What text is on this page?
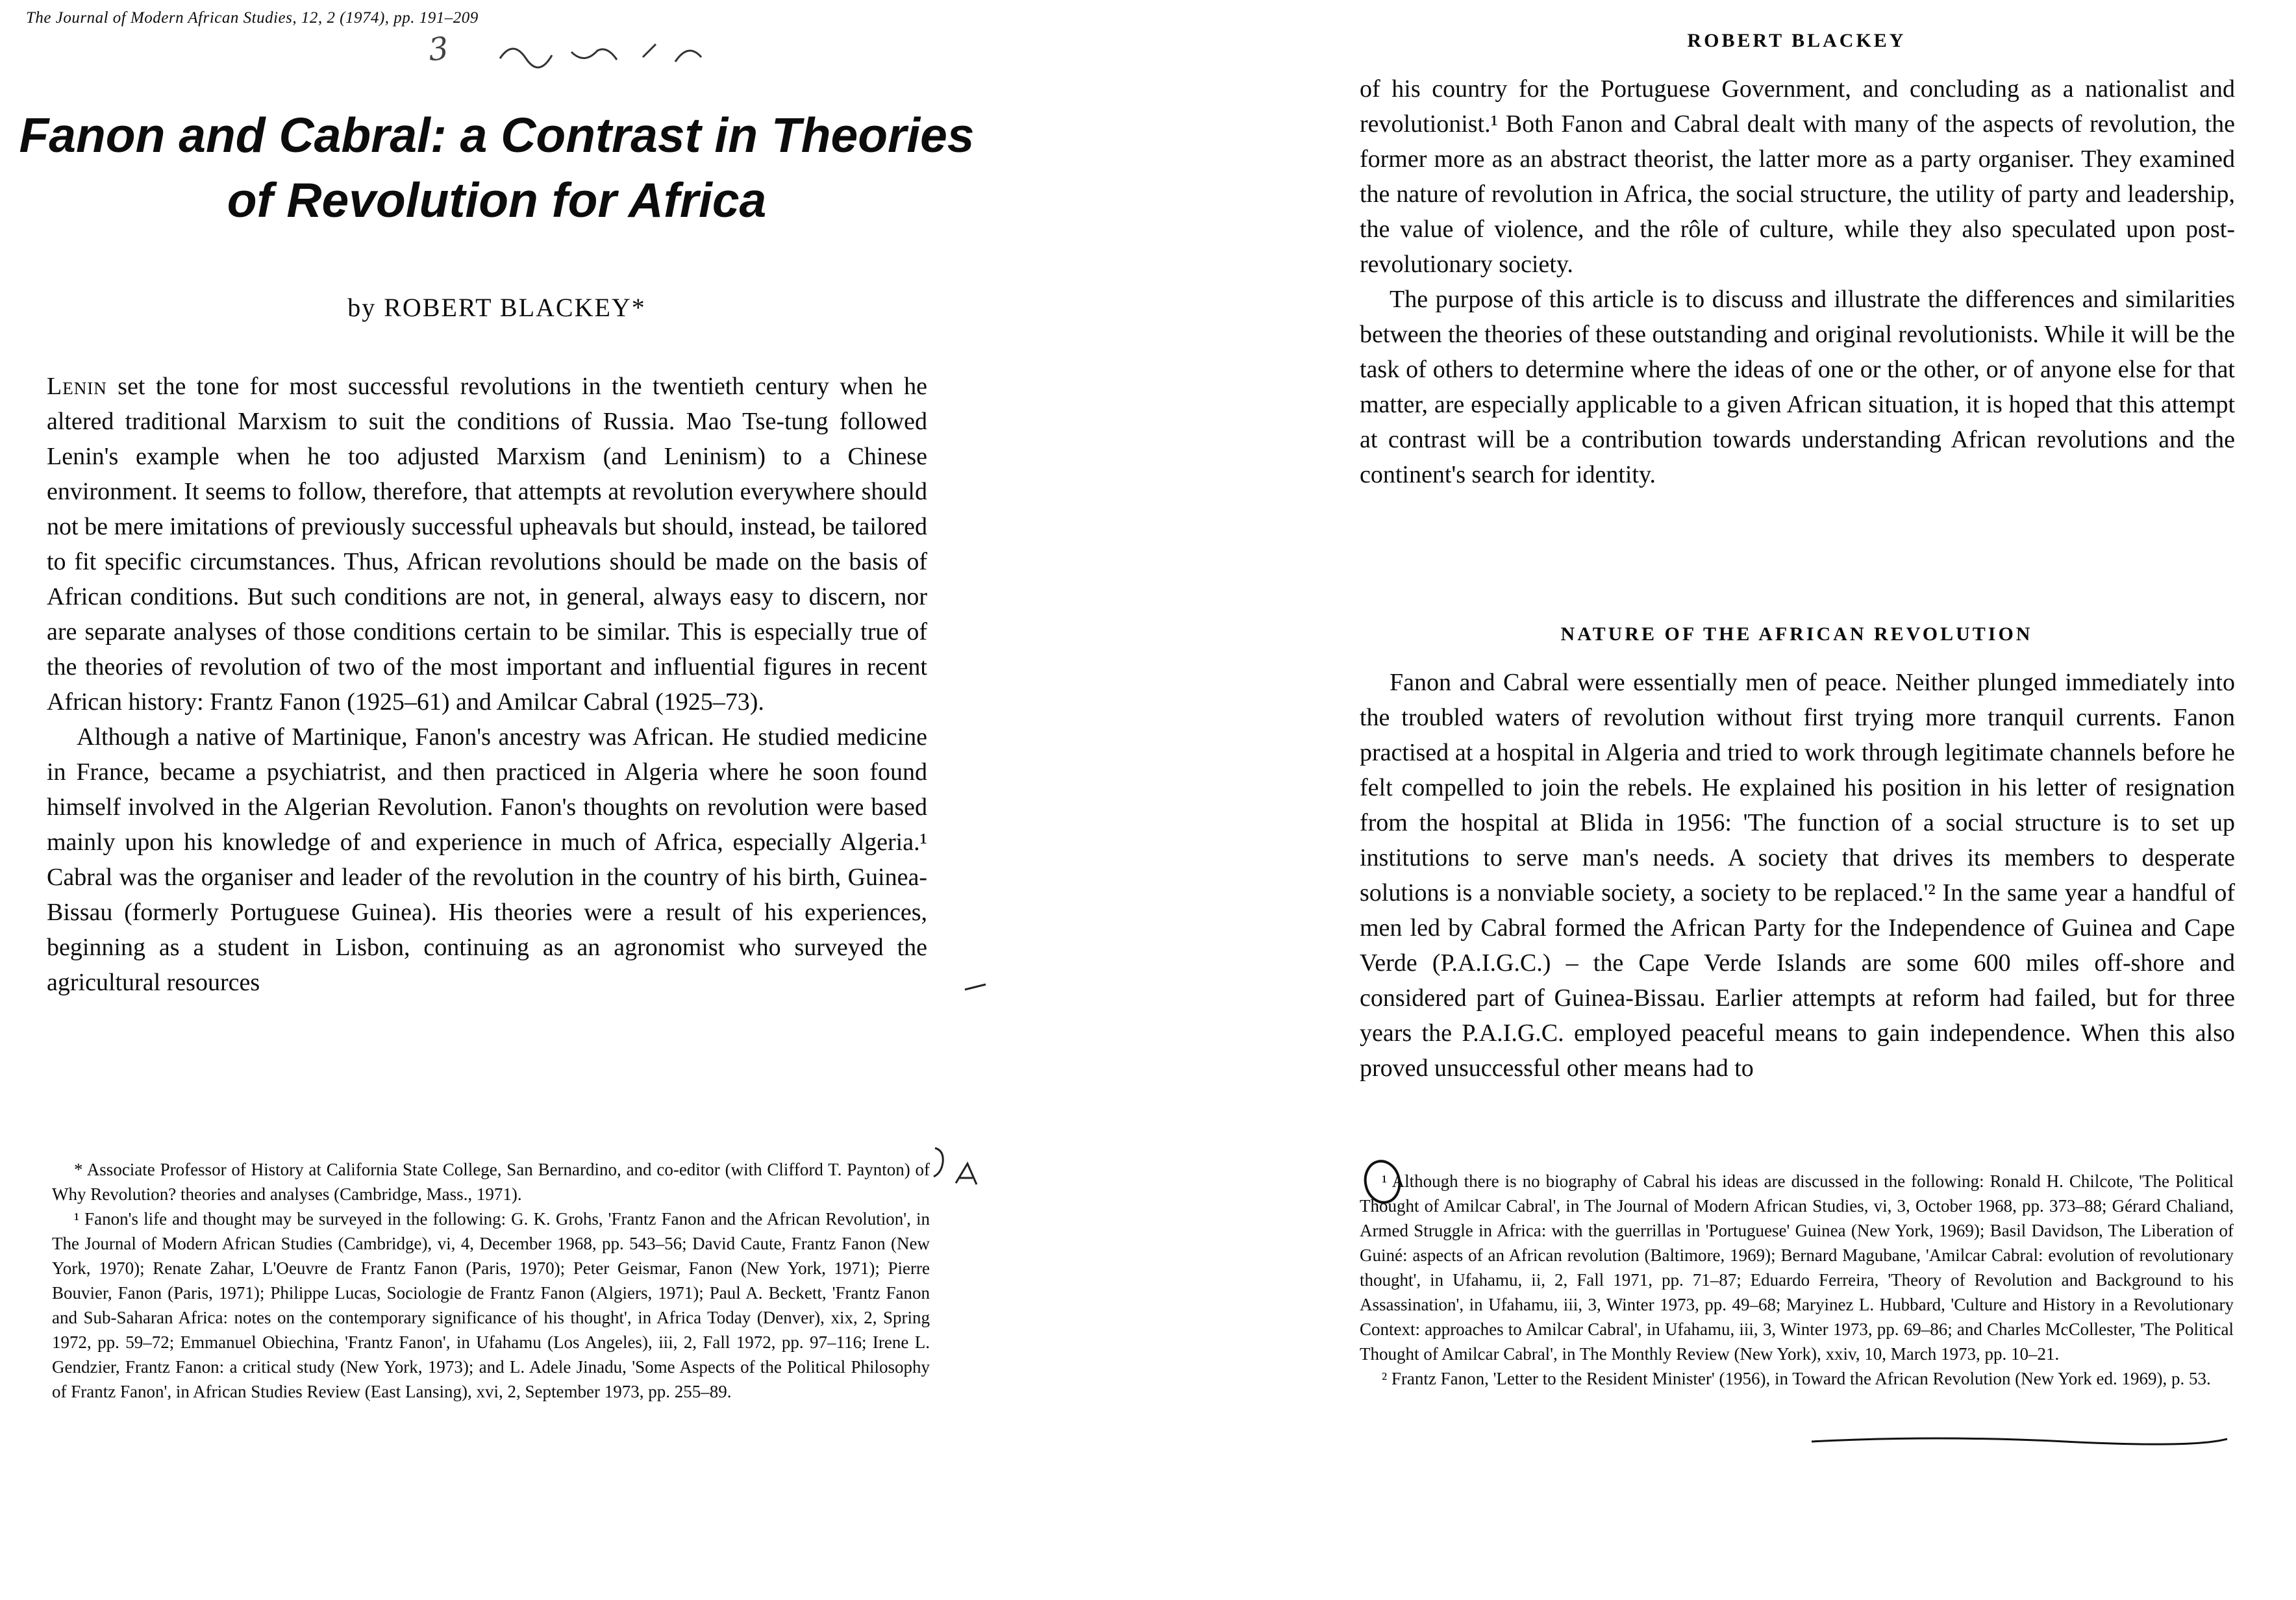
The Journal of Modern African Studies, 12, 2 (1974), pp. 191–209
3
Fanon and Cabral: a Contrast in Theories of Revolution for Africa
by ROBERT BLACKEY*

Lenin set the tone for most successful revolutions in the twentieth century when he altered traditional Marxism to suit the conditions of Russia. Mao Tse-tung followed Lenin's example when he too adjusted Marxism (and Leninism) to a Chinese environment. It seems to follow, therefore, that attempts at revolution everywhere should not be mere imitations of previously successful upheavals but should, instead, be tailored to fit specific circumstances. Thus, African revolutions should be made on the basis of African conditions. But such conditions are not, in general, always easy to discern, nor are separate analyses of those conditions certain to be similar. This is especially true of the theories of revolution of two of the most important and influential figures in recent African history: Frantz Fanon (1925–61) and Amilcar Cabral (1925–73).

Although a native of Martinique, Fanon's ancestry was African. He studied medicine in France, became a psychiatrist, and then practiced in Algeria where he soon found himself involved in the Algerian Revolution. Fanon's thoughts on revolution were based mainly upon his knowledge of and experience in much of Africa, especially Algeria.¹ Cabral was the organiser and leader of the revolution in the country of his birth, Guinea-Bissau (formerly Portuguese Guinea). His theories were a result of his experiences, beginning as a student in Lisbon, continuing as an agronomist who surveyed the agricultural resources

* Associate Professor of History at California State College, San Bernardino, and co-editor (with Clifford T. Paynton) of Why Revolution? theories and analyses (Cambridge, Mass., 1971).

¹ Fanon's life and thought may be surveyed in the following: G. K. Grohs, 'Frantz Fanon and the African Revolution', in The Journal of Modern African Studies (Cambridge), vi, 4, December 1968, pp. 543–56; David Caute, Frantz Fanon (New York, 1970); Renate Zahar, L'Oeuvre de Frantz Fanon (Paris, 1970); Peter Geismar, Fanon (New York, 1971); Pierre Bouvier, Fanon (Paris, 1971); Philippe Lucas, Sociologie de Frantz Fanon (Algiers, 1971); Paul A. Beckett, 'Frantz Fanon and Sub-Saharan Africa: notes on the contemporary significance of his thought', in Africa Today (Denver), xix, 2, Spring 1972, pp. 59–72; Emmanuel Obiechina, 'Frantz Fanon', in Ufahamu (Los Angeles), iii, 2, Fall 1972, pp. 97–116; Irene L. Gendzier, Frantz Fanon: a critical study (New York, 1973); and L. Adele Jinadu, 'Some Aspects of the Political Philosophy of Frantz Fanon', in African Studies Review (East Lansing), xvi, 2, September 1973, pp. 255–89.

ROBERT BLACKEY

of his country for the Portuguese Government, and concluding as a nationalist and revolutionist.¹ Both Fanon and Cabral dealt with many of the aspects of revolution, the former more as an abstract theorist, the latter more as a party organiser. They examined the nature of revolution in Africa, the social structure, the utility of party and leadership, the value of violence, and the rôle of culture, while they also speculated upon post-revolutionary society.

The purpose of this article is to discuss and illustrate the differences and similarities between the theories of these outstanding and original revolutionists. While it will be the task of others to determine where the ideas of one or the other, or of anyone else for that matter, are especially applicable to a given African situation, it is hoped that this attempt at contrast will be a contribution towards understanding African revolutions and the continent's search for identity.

NATURE OF THE AFRICAN REVOLUTION

Fanon and Cabral were essentially men of peace. Neither plunged immediately into the troubled waters of revolution without first trying more tranquil currents. Fanon practised at a hospital in Algeria and tried to work through legitimate channels before he felt compelled to join the rebels. He explained his position in his letter of resignation from the hospital at Blida in 1956: 'The function of a social structure is to set up institutions to serve man's needs. A society that drives its members to desperate solutions is a nonviable society, a society to be replaced.'² In the same year a handful of men led by Cabral formed the African Party for the Independence of Guinea and Cape Verde (P.A.I.G.C.) – the Cape Verde Islands are some 600 miles off-shore and considered part of Guinea-Bissau. Earlier attempts at reform had failed, but for three years the P.A.I.G.C. employed peaceful means to gain independence. When this also proved unsuccessful other means had to

¹ Although there is no biography of Cabral his ideas are discussed in the following: Ronald H. Chilcote, 'The Political Thought of Amilcar Cabral', in The Journal of Modern African Studies, vi, 3, October 1968, pp. 373–88; Gérard Chaliand, Armed Struggle in Africa: with the guerrillas in 'Portuguese' Guinea (New York, 1969); Basil Davidson, The Liberation of Guiné: aspects of an African revolution (Baltimore, 1969); Bernard Magubane, 'Amilcar Cabral: evolution of revolutionary thought', in Ufahamu, ii, 2, Fall 1971, pp. 71–87; Eduardo Ferreira, 'Theory of Revolution and Background to his Assassination', in Ufahamu, iii, 3, Winter 1973, pp. 49–68; Maryinez L. Hubbard, 'Culture and History in a Revolutionary Context: approaches to Amilcar Cabral', in Ufahamu, iii, 3, Winter 1973, pp. 69–86; and Charles McCollester, 'The Political Thought of Amilcar Cabral', in The Monthly Review (New York), xxiv, 10, March 1973, pp. 10–21.

² Frantz Fanon, 'Letter to the Resident Minister' (1956), in Toward the African Revolution (New York ed. 1969), p. 53.
